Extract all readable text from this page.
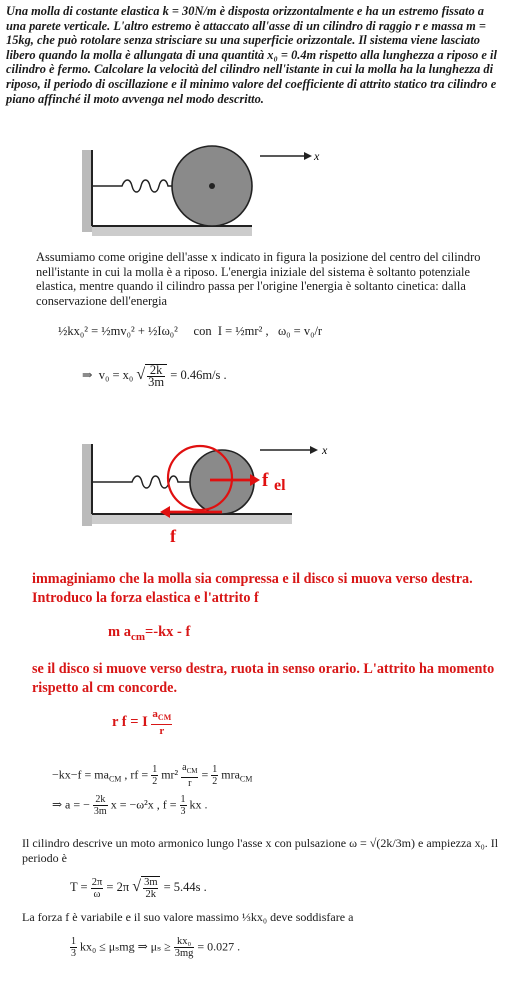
Una molla di costante elastica k = 30N/m è disposta orizzontalmente e ha un estremo fissato a una parete verticale. L'altro estremo è attaccato all'asse di un cilindro di raggio r e massa m = 15kg, che può rotolare senza strisciare su una superficie orizzontale. Il sistema viene lasciato libero quando la molla è allungata di una quantità x₀ = 0.4m rispetto alla lunghezza a riposo e il cilindro è fermo. Calcolare la velocità del cilindro nell'istante in cui la molla ha la lunghezza di riposo, il periodo di oscillazione e il minimo valore del coefficiente di attrito statico tra cilindro e piano affinché il moto avvenga nel modo descritto.
x
Assumiamo come origine dell'asse x indicato in figura la posizione del centro del cilindro nell'istante in cui la molla è a riposo. L'energia iniziale del sistema è soltanto potenziale elastica, mentre quando il cilindro passa per l'origine l'energia è soltanto cinetica: dalla conservazione dell'energia
½kx₀² = ½mv₀² + ½Iω₀² con I = ½mr² ,   ω₀ = v₀/r
⇒ v₀ = x₀ √ $\frac{2k}{3m} = 0.46m/s$ .
x
f el
f
immaginiamo che la molla sia compressa e il disco si muova verso destra. Introduco la forza elastica e l'attrito f
m $a_{cm}=-kx - f$
se il disco si muove verso destra, ruota in senso orario. L'attrito ha momento rispetto al cm concorde.
r f = I $\frac{a_{CM}}{r}$
$-kx-f = ma_{CM}$ , rf = $\frac{1}{2} mr^2 \frac{a_{CM}}{r} = \frac{1}{2} mra_{CM}$
⇒ a = − $\frac{2k}{3m}$ x = −ω²x , $f = \frac{1}{3}$ kx .
Il cilindro descrive un moto armonico lungo l'asse x con pulsazione ω = √(2k/3m) e ampiezza x₀. Il periodo è
$T = \frac{2\pi}{\omega} = 2\pi$ √ $\frac{3m}{2k} = 5.44s$ .
La forza f è variabile e il suo valore massimo ⅓kx₀ deve soddisfare a
$\frac{1}{3} kx_0 \le \mu_smg$ ⇒ $\mu_s \ge \frac{\text{kx₀}}{3mg} = 0.027$ .
